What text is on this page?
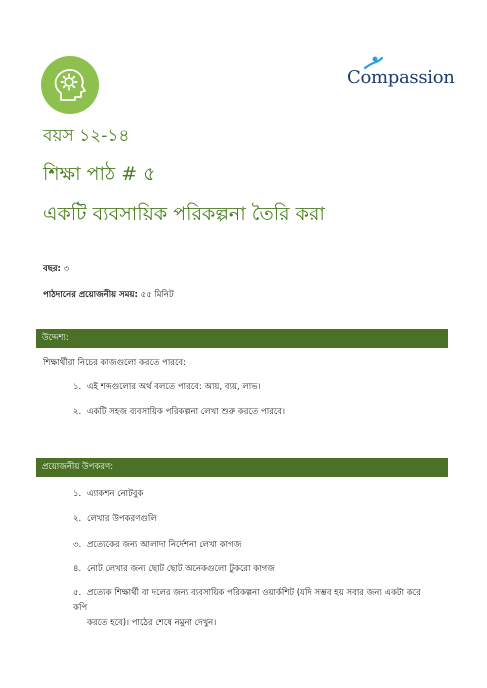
Compassion
বয়স ১২-১৪
শিক্ষা পাঠ # ৫
একটি ব্যবসায়িক পরিকল্পনা তৈরি করা
বছর: ৩
পাঠদানের প্রয়োজনীয় সময়: ৫৫ মিনিট
উদ্দেশ্য:
শিক্ষার্থীরা নিচের কাজগুলো করতে পারবে:
১. এই শব্দগুলোর অর্থ বলতে পারবে: আয়, ব্যয়, লাভ।
২. একটি সহজ ব্যবসায়িক পরিকল্পনা লেখা শুরু করতে পারবে।
প্রয়োজনীয় উপকরণ:
১. এ্যাকশন নোটবুক
২. লেখার উপকরণগুলি
৩. প্রত্যেকের জন্য আলাদা নির্দেশনা লেখা কাগজ
৪. নোট লেখার জন্য ছোট ছোট অনেকগুলো টুকরো কাগজ
৫. প্রত্যেক শিক্ষার্থী বা দলের জন্য ব্যবসায়িক পরিকল্পনা ওয়ার্কশিট (যদি সম্ভব হয় সবার জন্য একটা করে কপি
করতে হবে)। পাঠের শেষে নমুনা দেখুন।
